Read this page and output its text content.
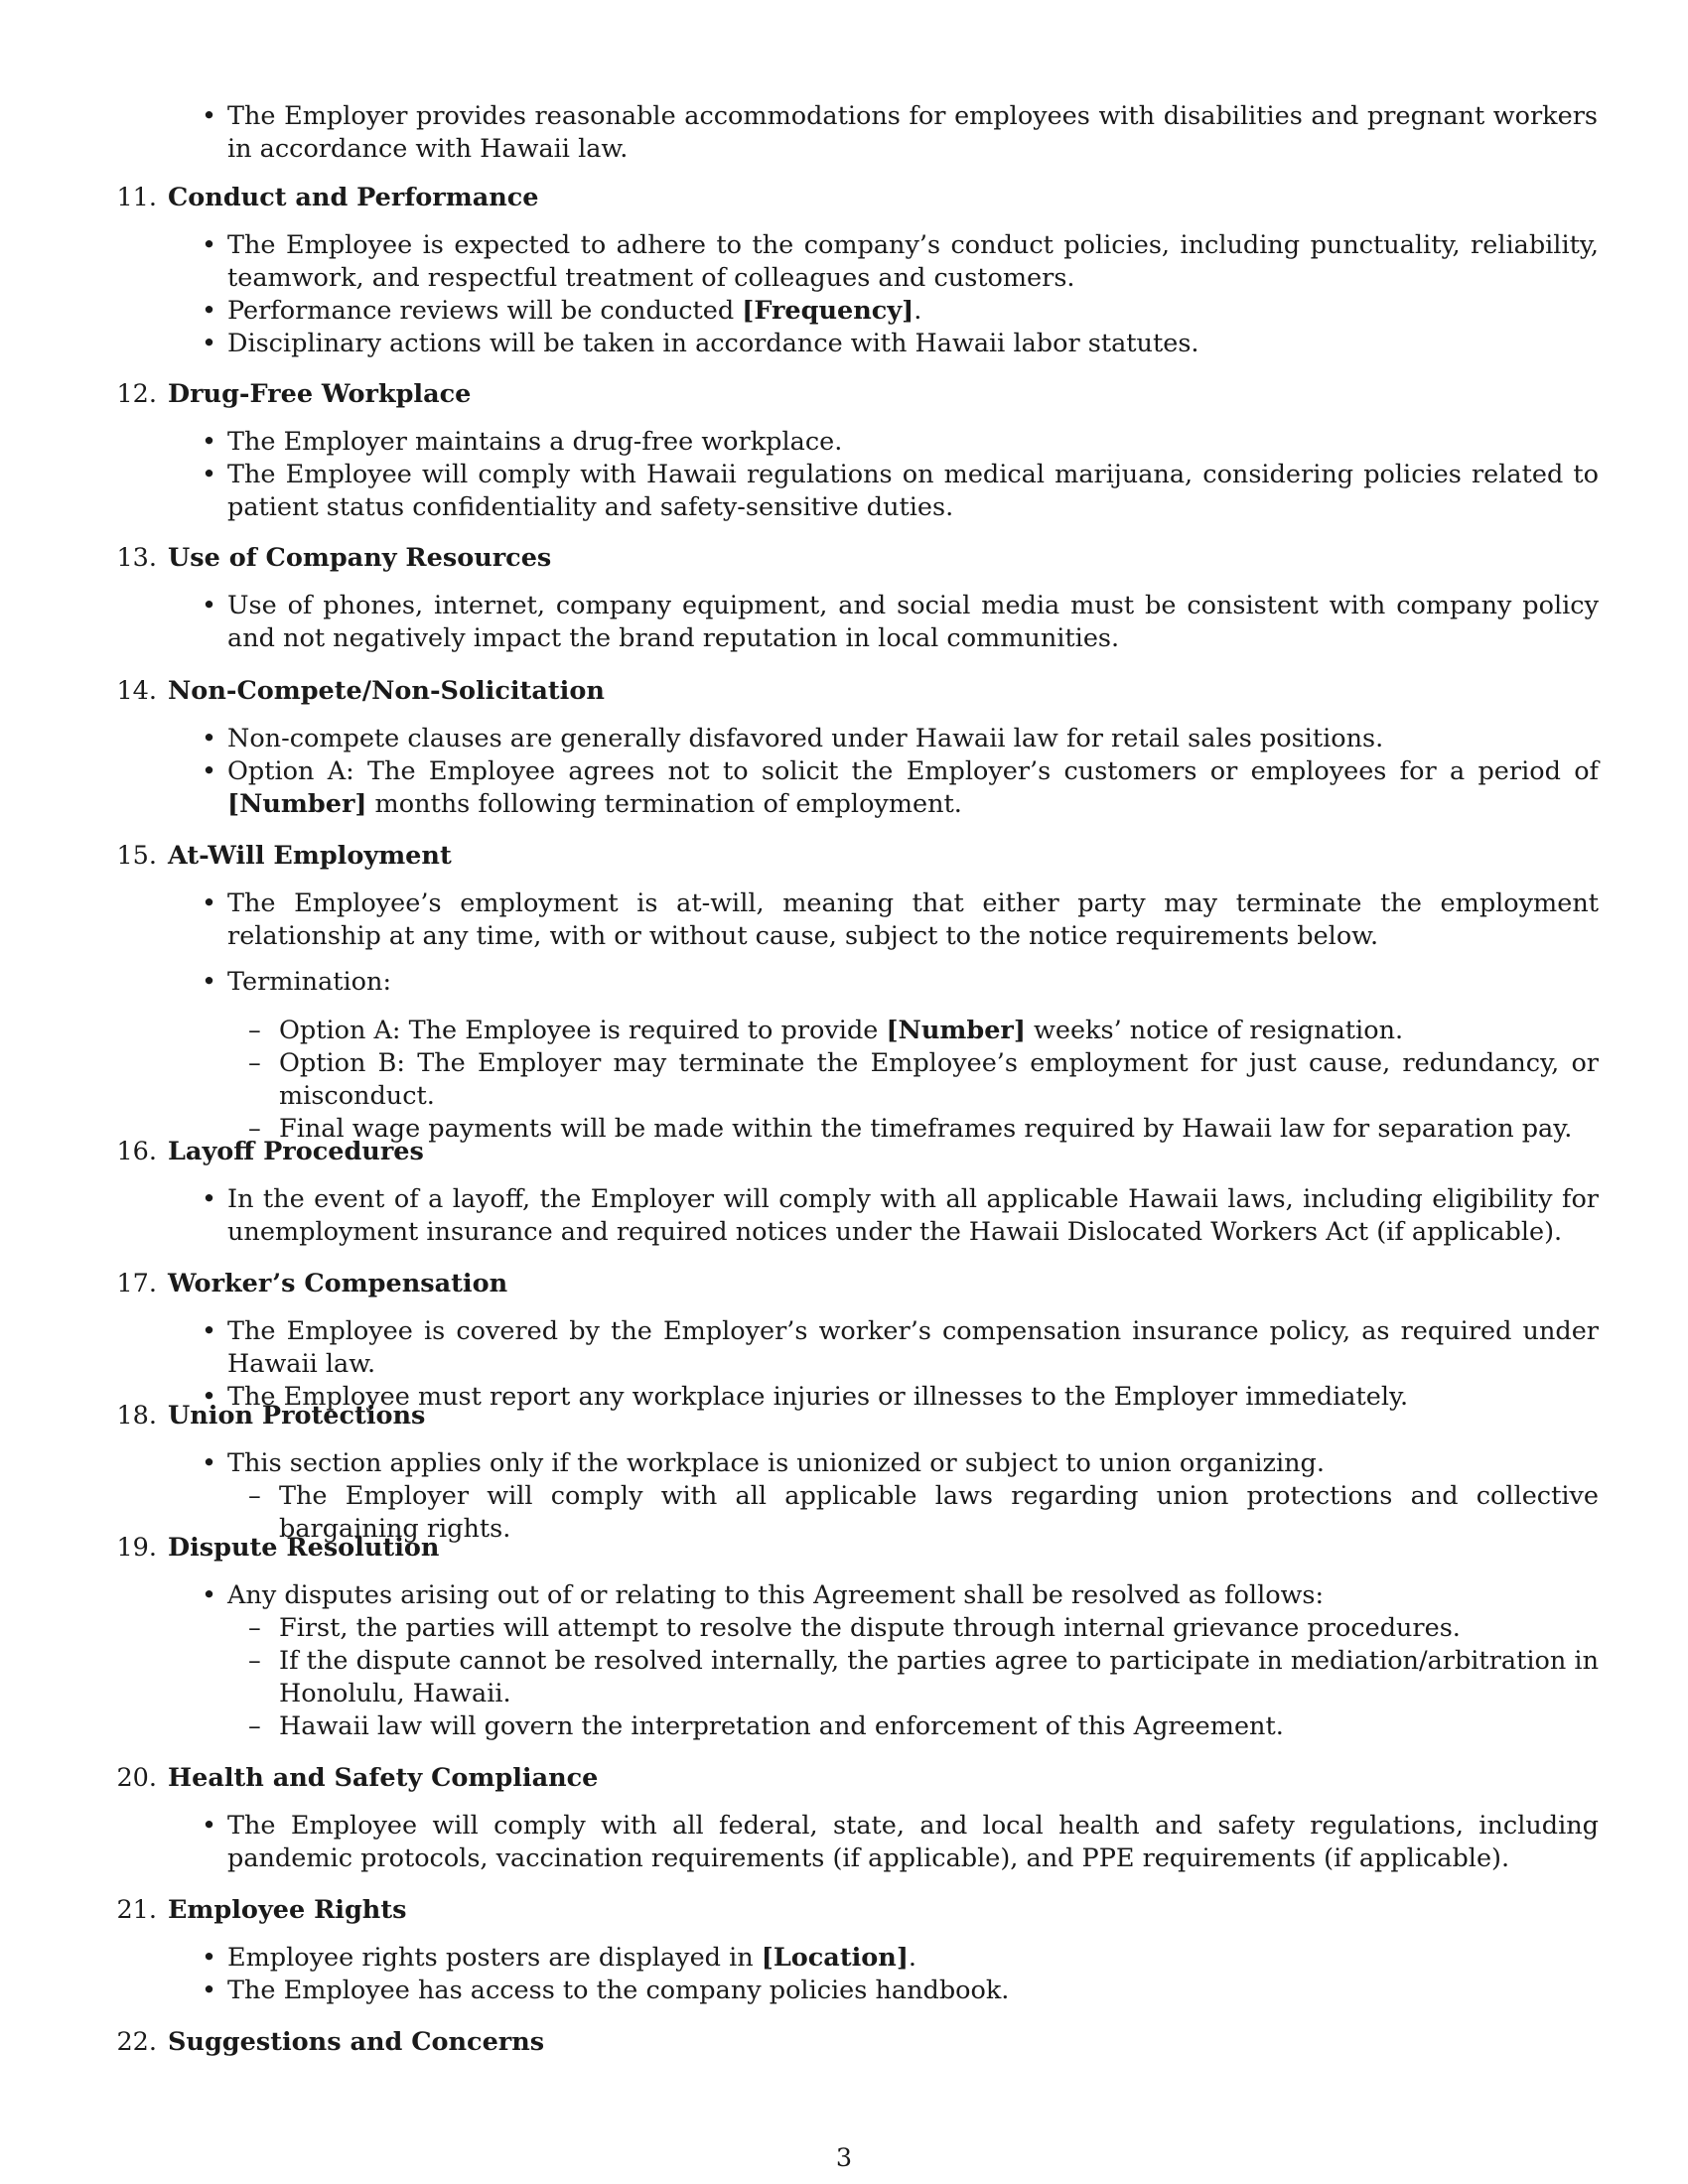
• The Employer provides reasonable accommodations for employees with disabilities and pregnant workers in accordance with Hawaii law.
11. Conduct and Performance
• The Employee is expected to adhere to the company’s conduct policies, including punctuality, reliability, teamwork, and respectful treatment of colleagues and customers.
• Performance reviews will be conducted [Frequency].
• Disciplinary actions will be taken in accordance with Hawaii labor statutes.
12. Drug-Free Workplace
• The Employer maintains a drug-free workplace.
• The Employee will comply with Hawaii regulations on medical marijuana, considering policies related to patient status confidentiality and safety-sensitive duties.
13. Use of Company Resources
• Use of phones, internet, company equipment, and social media must be consistent with company policy and not negatively impact the brand reputation in local communities.
14. Non-Compete/Non-Solicitation
• Non-compete clauses are generally disfavored under Hawaii law for retail sales positions.
• Option A: The Employee agrees not to solicit the Employer’s customers or employees for a period of [Number] months following termination of employment.
15. At-Will Employment
• The Employee’s employment is at-will, meaning that either party may terminate the employment relationship at any time, with or without cause, subject to the notice requirements below.
• Termination:
– Option A: The Employee is required to provide [Number] weeks’ notice of resignation.
– Option B: The Employer may terminate the Employee’s employment for just cause, redundancy, or misconduct.
– Final wage payments will be made within the timeframes required by Hawaii law for separation pay.
16. Layoff Procedures
• In the event of a layoff, the Employer will comply with all applicable Hawaii laws, including eligibility for unemployment insurance and required notices under the Hawaii Dislocated Workers Act (if applicable).
17. Worker’s Compensation
• The Employee is covered by the Employer’s worker’s compensation insurance policy, as required under Hawaii law.
• The Employee must report any workplace injuries or illnesses to the Employer immediately.
18. Union Protections
• This section applies only if the workplace is unionized or subject to union organizing.
– The Employer will comply with all applicable laws regarding union protections and collective bargaining rights.
19. Dispute Resolution
• Any disputes arising out of or relating to this Agreement shall be resolved as follows:
– First, the parties will attempt to resolve the dispute through internal grievance procedures.
– If the dispute cannot be resolved internally, the parties agree to participate in mediation/arbitration in Honolulu, Hawaii.
– Hawaii law will govern the interpretation and enforcement of this Agreement.
20. Health and Safety Compliance
• The Employee will comply with all federal, state, and local health and safety regulations, including pandemic protocols, vaccination requirements (if applicable), and PPE requirements (if applicable).
21. Employee Rights
• Employee rights posters are displayed in [Location].
• The Employee has access to the company policies handbook.
22. Suggestions and Concerns
3
